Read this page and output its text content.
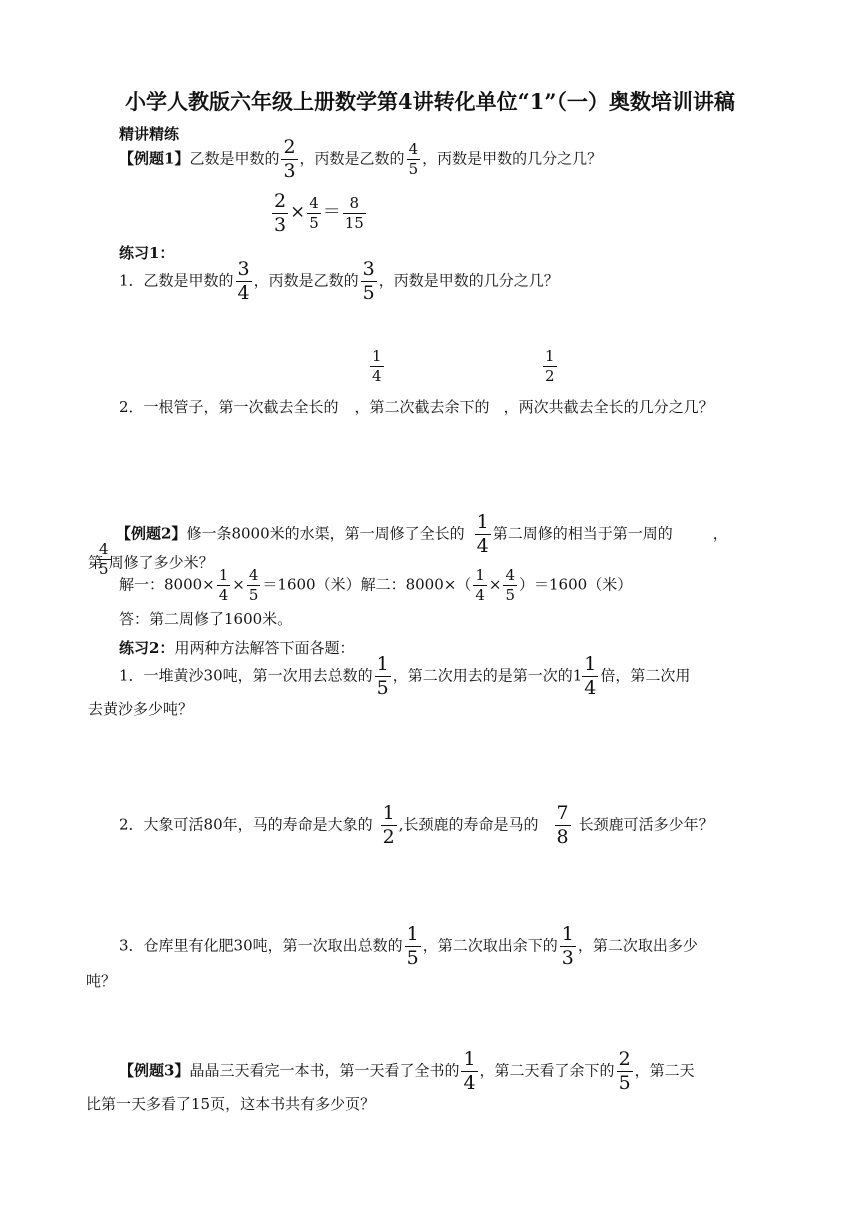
小学人教版六年级上册数学第4讲转化单位“1”（一）奥数培训讲稿
精讲精练
【例题1】乙数是甲数的 $\frac{2}{3}$ ，丙数是乙数的 $\frac{4}{5}$ ，丙数是甲数的几分之几？
$\frac{2}{3} \times \frac{4}{5} = \frac{8}{15}$
练习1：
1．乙数是甲数的 $\frac{3}{4}$ ，丙数是乙数的 $\frac{3}{5}$ ，丙数是甲数的几分之几？
$\frac{1}{4}$	$\frac{1}{2}$
2．一根管子，第一次截去全长的 ，第二次截去余下的 ，两次共截去全长的几分之几？
【例题2】修一条8000米的水渠，第一周修了全长的 $\frac{1}{4}$ 第二周修的相当于第一周的	，
第
$\frac{4}{5}$
周修了多少米？
解一：$8000\times \frac{1}{4} \times \frac{4}{5} =1600$（米）解二：$8000\times( \frac{1}{4} \times \frac{4}{5} )=1600$（米）
答：第二周修了1600米。
练习2：用两种方法解答下面各题：
1．一堆黄沙30吨，第一次用去总数的 $\frac{1}{5}$ ，第二次用去的是第一次的$1 \frac{1}{4}$ 倍，第二次用
去黄沙多少吨？
2．大象可活80年，马的寿命是大象的 $\frac{1}{2}$ ,长颈鹿的寿命是马的 $\frac{7}{8}$ 长颈鹿可活多少年？
3．仓库里有化肥30吨，第一次取出总数的 $\frac{1}{5}$ ，第二次取出余下的 $\frac{1}{3}$ ，第二次取出多少
吨？
【例题3】晶晶三天看完一本书，第一天看了全书的 $\frac{1}{4}$ ，第二天看了余下的 $\frac{2}{5}$ ，第二天
比第一天多看了15页，这本书共有多少页？
